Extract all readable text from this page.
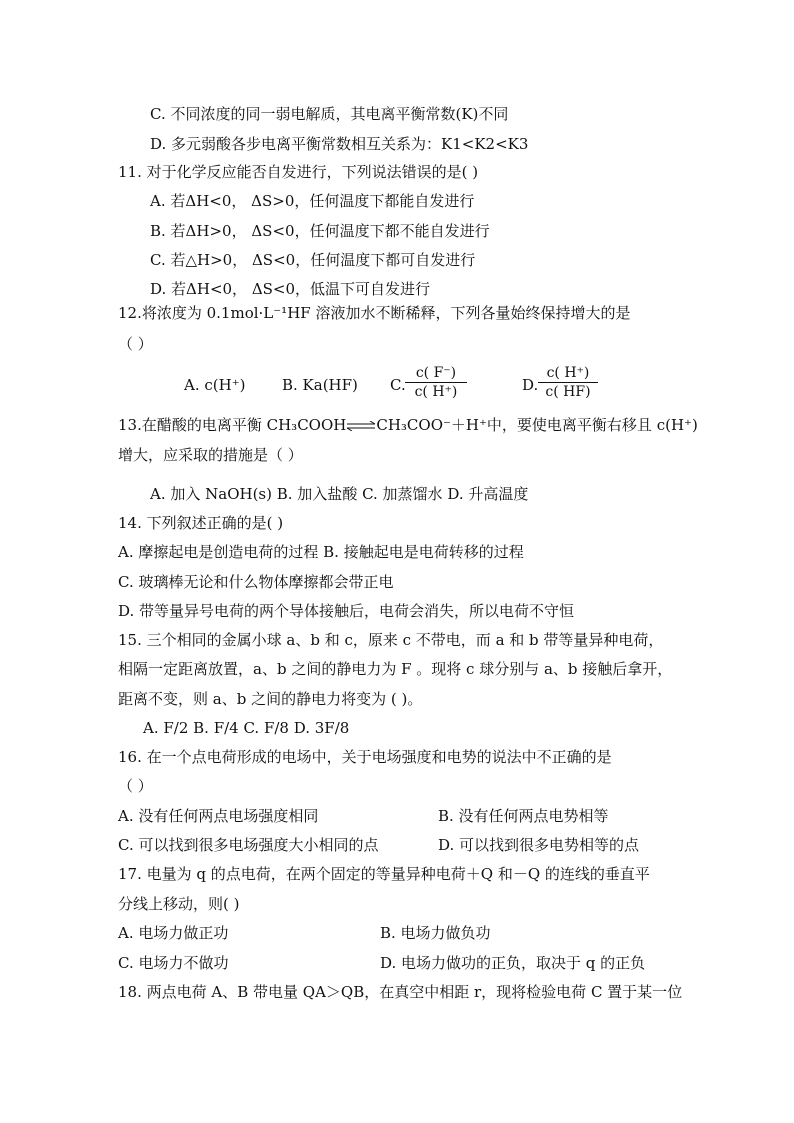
C. 不同浓度的同一弱电解质，其电离平衡常数(K)不同
D. 多元弱酸各步电离平衡常数相互关系为：K1<K2<K3
11. 对于化学反应能否自发进行，下列说法错误的是( )
A. 若ΔH<0， ΔS>0，任何温度下都能自发进行
B. 若ΔH>0， ΔS<0，任何温度下都不能自发进行
C. 若△H>0， ΔS<0，任何温度下都可自发进行
D. 若ΔH<0， ΔS<0，低温下可自发进行
12.将浓度为 0.1mol·L⁻¹HF 溶液加水不断稀释，下列各量始终保持增大的是
（ ）
A. c(H⁺) B. Ka(HF) C. $\frac{c( F^-)}{c( H^+)}$	D. $\frac{c( H^+)}{c( HF)}$
13.在醋酸的电离平衡 CH₃COOH⇌CH₃COO⁻＋H⁺中，要使电离平衡右移且 c(H⁺)
增大，应采取的措施是（ ）
A. 加入 NaOH(s) B. 加入盐酸 C. 加蒸馏水 D. 升高温度
14. 下列叙述正确的是( )
A. 摩擦起电是创造电荷的过程 B. 接触起电是电荷转移的过程
C. 玻璃棒无论和什么物体摩擦都会带正电
D. 带等量异号电荷的两个导体接触后，电荷会消失，所以电荷不守恒
15. 三个相同的金属小球 a、b 和 c，原来 c 不带电，而 a 和 b 带等量异种电荷，
相隔一定距离放置，a、b 之间的静电力为 F 。现将 c 球分别与 a、b 接触后拿开，
距离不变，则 a、b 之间的静电力将变为 ( )。
A. F/2 B. F/4 C. F/8 D. 3F/8
16. 在一个点电荷形成的电场中，关于电场强度和电势的说法中不正确的是
（ ）
A. 没有任何两点电场强度相同	B. 没有任何两点电势相等
C. 可以找到很多电场强度大小相同的点	D. 可以找到很多电势相等的点
17. 电量为 q 的点电荷，在两个固定的等量异种电荷＋Q 和－Q 的连线的垂直平
分线上移动，则( )
A. 电场力做正功	B. 电场力做负功
C. 电场力不做功	D. 电场力做功的正负，取决于 q 的正负
18. 两点电荷 A、B 带电量 QA＞QB，在真空中相距 r，现将检验电荷 C 置于某一位
